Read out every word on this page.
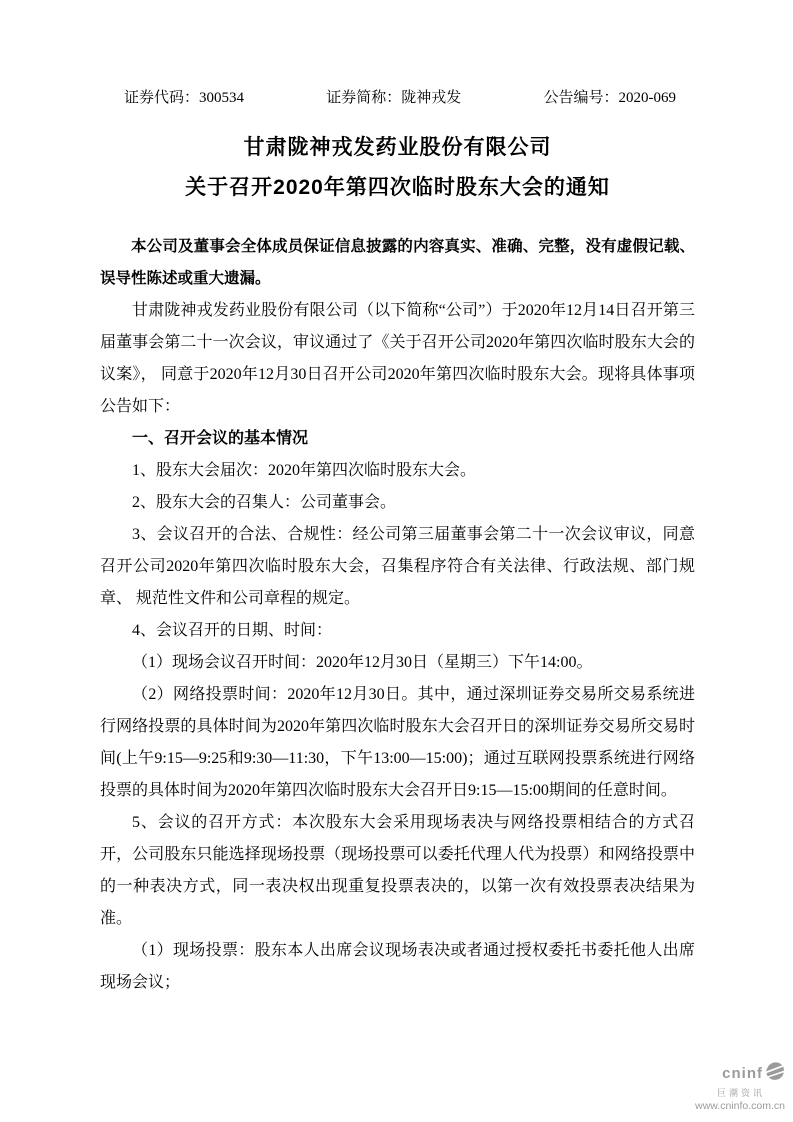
证券代码：300534	证券简称：陇神戎发	公告编号：2020-069
甘肃陇神戎发药业股份有限公司
关于召开2020年第四次临时股东大会的通知
本公司及董事会全体成员保证信息披露的内容真实、准确、完整，没有虚假记载、误导性陈述或重大遗漏。

甘肃陇神戎发药业股份有限公司（以下简称“公司”）于2020年12月14日召开第三届董事会第二十一次会议，审议通过了《关于召开公司2020年第四次临时股东大会的议案》， 同意于2020年12月30日召开公司2020年第四次临时股东大会。现将具体事项公告如下：

一、召开会议的基本情况

1、股东大会届次：2020年第四次临时股东大会。

2、股东大会的召集人：公司董事会。

3、会议召开的合法、合规性：经公司第三届董事会第二十一次会议审议，同意召开公司2020年第四次临时股东大会，召集程序符合有关法律、行政法规、部门规章、 规范性文件和公司章程的规定。

4、会议召开的日期、时间：

（1）现场会议召开时间：2020年12月30日（星期三）下午14:00。

（2）网络投票时间：2020年12月30日。其中，通过深圳证券交易所交易系统进行网络投票的具体时间为2020年第四次临时股东大会召开日的深圳证券交易所交易时间(上午9:15—9:25和9:30—11:30，下午13:00—15:00)；通过互联网投票系统进行网络投票的具体时间为2020年第四次临时股东大会召开日9:15—15:00期间的任意时间。

5、会议的召开方式：本次股东大会采用现场表决与网络投票相结合的方式召开，公司股东只能选择现场投票（现场投票可以委托代理人代为投票）和网络投票中的一种表决方式，同一表决权出现重复投票表决的，以第一次有效投票表决结果为准。

（1）现场投票：股东本人出席会议现场表决或者通过授权委托书委托他人出席现场会议；

cninf
巨潮资讯
www.cninfo.com.cn
